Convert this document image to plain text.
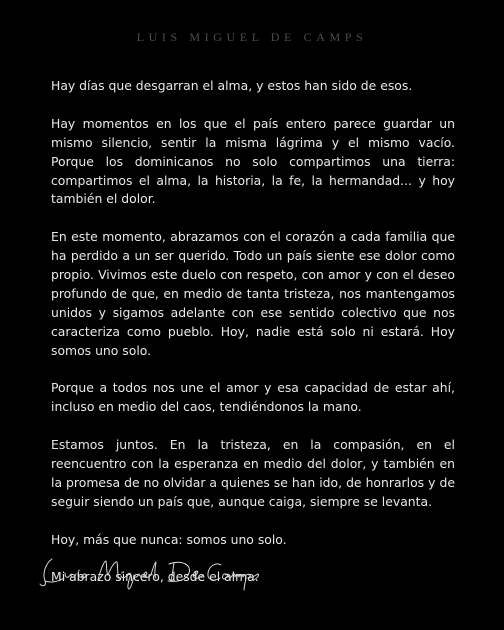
LUIS MIGUEL DE CAMPS

Hay días que desgarran el alma, y estos han sido de esos.

Hay momentos en los que el país entero parece guardar un mismo silencio, sentir la misma lágrima y el mismo vacío. Porque los dominicanos no solo compartimos una tierra: compartimos el alma, la historia, la fe, la hermandad... y hoy también el dolor.

En este momento, abrazamos con el corazón a cada familia que ha perdido a un ser querido. Todo un país siente ese dolor como propio. Vivimos este duelo con respeto, con amor y con el deseo profundo de que, en medio de tanta tristeza, nos mantengamos unidos y sigamos adelante con ese sentido colectivo que nos caracteriza como pueblo. Hoy, nadie está solo ni estará. Hoy somos uno solo.

Porque a todos nos une el amor y esa capacidad de estar ahí, incluso en medio del caos, tendiéndonos la mano.

Estamos juntos. En la tristeza, en la compasión, en el reencuentro con la esperanza en medio del dolor, y también en la promesa de no olvidar a quienes se han ido, de honrarlos y de seguir siendo un país que, aunque caiga, siempre se levanta.

Hoy, más que nunca: somos uno solo.

Mi abrazo sincero, desde el alma.
